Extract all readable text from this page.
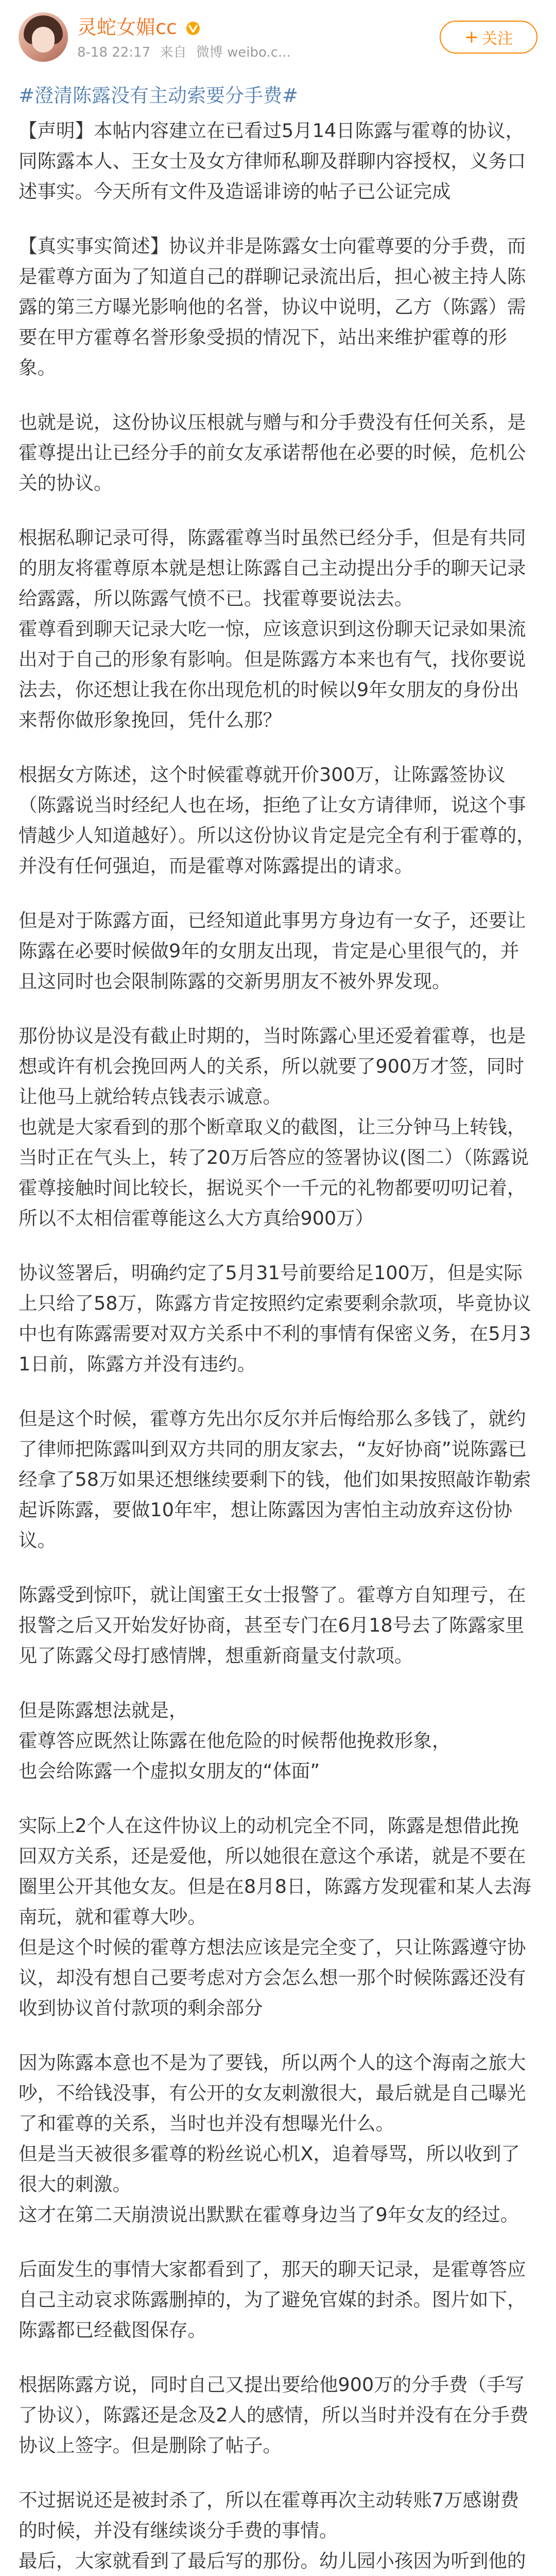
灵蛇女媚cc
8-18 22:17 来自 微博 weibo.c...
+ 关注
#澄清陈露没有主动索要分手费#

【声明】本帖内容建立在已看过5月14日陈露与霍尊的协议，同陈露本人、王女士及女方律师私聊及群聊内容授权，义务口述事实。今天所有文件及造谣诽谤的帖子已公证完成

【真实事实简述】协议并非是陈露女士向霍尊要的分手费，而是霍尊方面为了知道自己的群聊记录流出后，担心被主持人陈露的第三方曝光影响他的名誉，协议中说明，乙方（陈露）需要在甲方霍尊名誉形象受损的情况下，站出来维护霍尊的形象。

也就是说，这份协议压根就与赠与和分手费没有任何关系，是霍尊提出让已经分手的前女友承诺帮他在必要的时候，危机公关的协议。

根据私聊记录可得，陈露霍尊当时虽然已经分手，但是有共同的朋友将霍尊原本就是想让陈露自己主动提出分手的聊天记录给露露，所以陈露气愤不已。找霍尊要说法去。
霍尊看到聊天记录大吃一惊，应该意识到这份聊天记录如果流出对于自己的形象有影响。但是陈露方本来也有气，找你要说法去，你还想让我在你出现危机的时候以9年女朋友的身份出来帮你做形象挽回，凭什么那？

根据女方陈述，这个时候霍尊就开价300万，让陈露签协议（陈露说当时经纪人也在场，拒绝了让女方请律师，说这个事情越少人知道越好）。所以这份协议肯定是完全有利于霍尊的，并没有任何强迫，而是霍尊对陈露提出的请求。

但是对于陈露方面，已经知道此事男方身边有一女子，还要让陈露在必要时候做9年的女朋友出现，肯定是心里很气的，并且这同时也会限制陈露的交新男朋友不被外界发现。

那份协议是没有截止时期的，当时陈露心里还爱着霍尊，也是想或许有机会挽回两人的关系，所以就要了900万才签，同时让他马上就给转点钱表示诚意。
也就是大家看到的那个断章取义的截图，让三分钟马上转钱，当时正在气头上，转了20万后答应的签署协议(图二）（陈露说霍尊接触时间比较长，据说买个一千元的礼物都要叨叨记着，所以不太相信霍尊能这么大方真给900万）

协议签署后，明确约定了5月31号前要给足100万，但是实际上只给了58万，陈露方肯定按照约定索要剩余款项，毕竟协议中也有陈露需要对双方关系中不利的事情有保密义务，在5月31日前，陈露方并没有违约。

但是这个时候，霍尊方先出尔反尔并后悔给那么多钱了，就约了律师把陈露叫到双方共同的朋友家去，“友好协商”说陈露已经拿了58万如果还想继续要剩下的钱，他们如果按照敲诈勒索起诉陈露，要做10年牢，想让陈露因为害怕主动放弃这份协议。

陈露受到惊吓，就让闺蜜王女士报警了。霍尊方自知理亏，在报警之后又开始发好协商，甚至专门在6月18号去了陈露家里见了陈露父母打感情牌，想重新商量支付款项。

但是陈露想法就是，
霍尊答应既然让陈露在他危险的时候帮他挽救形象，
也会给陈露一个虚拟女朋友的“体面”

实际上2个人在这件协议上的动机完全不同，陈露是想借此挽回双方关系，还是爱他，所以她很在意这个承诺，就是不要在圈里公开其他女友。但是在8月8日，陈露方发现霍和某人去海南玩，就和霍尊大吵。
但是这个时候的霍尊方想法应该是完全变了，只让陈露遵守协议，却没有想自己要考虑对方会怎么想一那个时候陈露还没有收到协议首付款项的剩余部分

因为陈露本意也不是为了要钱，所以两个人的这个海南之旅大吵，不给钱没事，有公开的女友刺激很大，最后就是自己曝光了和霍尊的关系，当时也并没有想曝光什么。
但是当天被很多霍尊的粉丝说心机X，追着辱骂，所以收到了很大的刺激。
这才在第二天崩溃说出默默在霍尊身边当了9年女友的经过。

后面发生的事情大家都看到了，那天的聊天记录，是霍尊答应自己主动哀求陈露删掉的，为了避免官媒的封杀。图片如下，陈露都已经截图保存。

根据陈露方说，同时自己又提出要给他900万的分手费（手写了协议），陈露还是念及2人的感情，所以当时并没有在分手费协议上签字。但是删除了帖子。

不过据说还是被封杀了，所以在霍尊再次主动转账7万感谢费的时候，并没有继续谈分手费的事情。
最后，大家就看到了最后写的那份。幼儿园小孩因为听到他的
